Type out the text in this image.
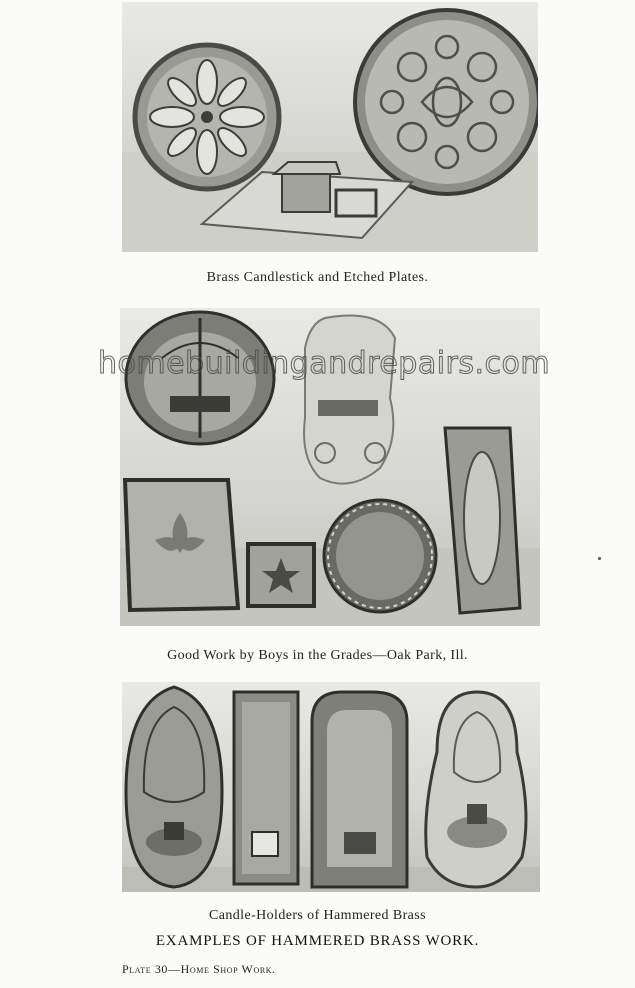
Brass Candlestick and Etched Plates.
homebuildingandrepairs.com
Good Work by Boys in the Grades—Oak Park, Ill.
Candle-Holders of Hammered Brass
EXAMPLES OF HAMMERED BRASS WORK.
Plate 30—Home Shop Work.
